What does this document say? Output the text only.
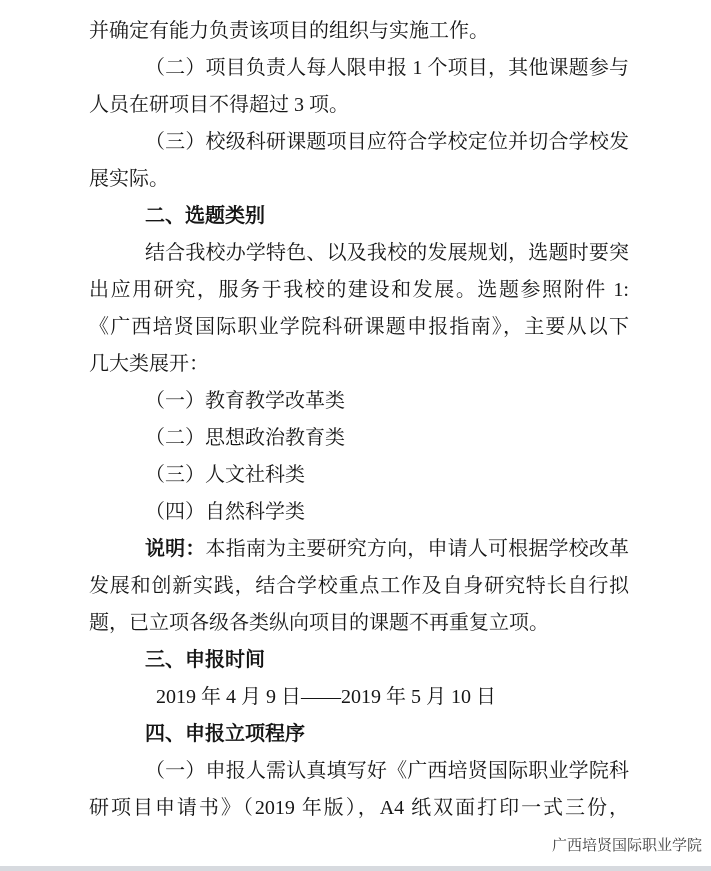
并确定有能力负责该项目的组织与实施工作。
（二）项目负责人每人限申报 1 个项目，其他课题参与
人员在研项目不得超过 3 项。
（三）校级科研课题项目应符合学校定位并切合学校发
展实际。
二、选题类别
结合我校办学特色、以及我校的发展规划，选题时要突
出应用研究，服务于我校的建设和发展。选题参照附件 1:
《广西培贤国际职业学院科研课题申报指南》，主要从以下
几大类展开：
（一）教育教学改革类
（二）思想政治教育类
（三）人文社科类
（四）自然科学类
说明：本指南为主要研究方向，申请人可根据学校改革
发展和创新实践，结合学校重点工作及自身研究特长自行拟
题，已立项各级各类纵向项目的课题不再重复立项。
三、申报时间
2019 年 4 月 9 日——2019 年 5 月 10 日
四、申报立项程序
（一）申报人需认真填写好《广西培贤国际职业学院科
研项目申请书》（2019 年版），A4 纸双面打印一式三份，
广西培贤国际职业学院
